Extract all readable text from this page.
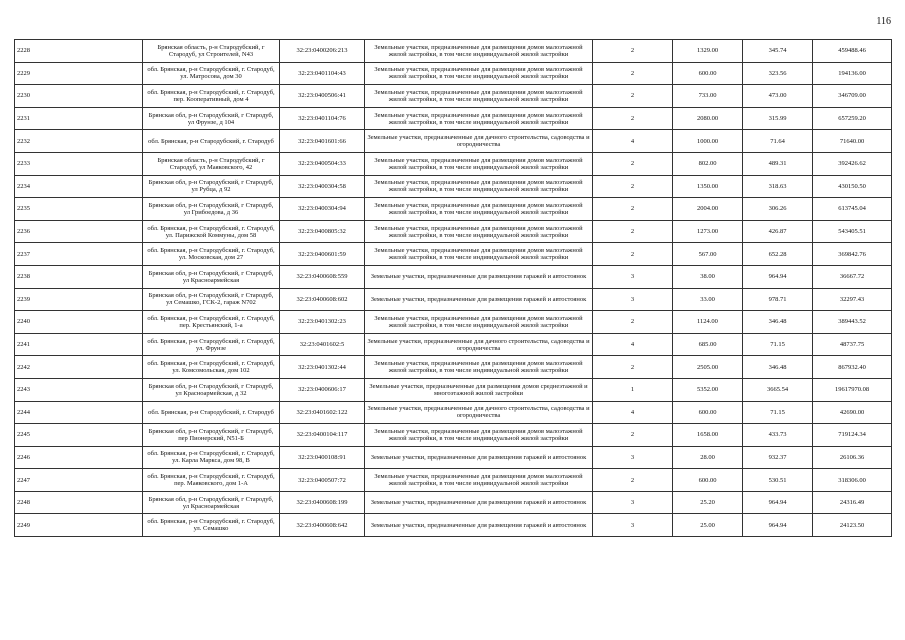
116
2228	Брянская область, р-н Стародубский, г Стародуб, ул Строителей, N43	32:23:0400206:213	Земельные участки, предназначенные для размещения домов малоэтажной жилой застройки, в том числе индивидуальной жилой застройки	2	1329.00	345.74	459488.46
2229	обл. Брянская, р-н Стародубский, г. Стародуб, ул. Матросова, дом 30	32:23:0401104:43	Земельные участки, предназначенные для размещения домов малоэтажной жилой застройки, в том числе индивидуальной жилой застройки	2	600.00	323.56	194136.00
2230	обл. Брянская, р-н Стародубский, г. Стародуб, пер. Кооперативный, дом 4	32:23:0400506:41	Земельные участки, предназначенные для размещения домов малоэтажной жилой застройки, в том числе индивидуальной жилой застройки	2	733.00	473.00	346709.00
2231	Брянская обл, р-н Стародубский, г Стародуб, ул Фрунзе, д 104	32:23:0401104:76	Земельные участки, предназначенные для размещения домов малоэтажной жилой застройки, в том числе индивидуальной жилой застройки	2	2080.00	315.99	657259.20
2232	обл. Брянская, р-н Стародубский, г. Стародуб	32:23:0401601:66	Земельные участки, предназначенные для дачного строительства, садоводства и огородничества	4	1000.00	71.64	71640.00
2233	Брянская область, р-н Стародубский, г Стародуб, ул Маяковского, 42	32:23:0400504:33	Земельные участки, предназначенные для размещения домов малоэтажной жилой застройки, в том числе индивидуальной жилой застройки	2	802.00	489.31	392426.62
2234	Брянская обл, р-н Стародубский, г Стародуб, ул Рубца, д 92	32:23:0400304:58	Земельные участки, предназначенные для размещения домов малоэтажной жилой застройки, в том числе индивидуальной жилой застройки	2	1350.00	318.63	430150.50
2235	Брянская обл, р-н Стародубский, г Стародуб, ул Грибоедова, д 36	32:23:0400304:94	Земельные участки, предназначенные для размещения домов малоэтажной жилой застройки, в том числе индивидуальной жилой застройки	2	2004.00	306.26	613745.04
2236	обл. Брянская, р-н Стародубский, г. Стародуб, ул. Парижской Коммуны, дом 58	32:23:0400805:32	Земельные участки, предназначенные для размещения домов малоэтажной жилой застройки, в том числе индивидуальной жилой застройки	2	1273.00	426.87	543405.51
2237	обл. Брянская, р-н Стародубский, г. Стародуб, ул. Московская, дом 27	32:23:0400601:59	Земельные участки, предназначенные для размещения домов малоэтажной жилой застройки, в том числе индивидуальной жилой застройки	2	567.00	652.28	369842.76
2238	Брянская обл, р-н Стародубский, г Стародуб, ул Красноармейская	32:23:0400608:559	Земельные участки, предназначенные для размещения гаражей и автостоянок	3	38.00	964.94	36667.72
2239	Брянская обл, р-н Стародубский, г Стародуб, ул Семашко, ГСК-2, гараж N702	32:23:0400608:602	Земельные участки, предназначенные для размещения гаражей и автостоянок	3	33.00	978.71	32297.43
2240	обл. Брянская, р-н Стародубский, г. Стародуб, пер. Крестьянский, 1-а	32:23:0401302:23	Земельные участки, предназначенные для размещения домов малоэтажной жилой застройки, в том числе индивидуальной жилой застройки	2	1124.00	346.48	389443.52
2241	обл. Брянская, р-н Стародубский, г. Стародуб, ул. Фрунзе	32:23:0401602:5	Земельные участки, предназначенные для дачного строительства, садоводства и огородничества	4	685.00	71.15	48737.75
2242	обл. Брянская, р-н Стародубский, г. Стародуб, ул. Комсомольская, дом 102	32:23:0401302:44	Земельные участки, предназначенные для размещения домов малоэтажной жилой застройки, в том числе индивидуальной жилой застройки	2	2505.00	346.48	867932.40
2243	Брянская обл, р-н Стародубский, г Стародуб, ул Красноармейская, д 32	32:23:0400606:17	Земельные участки, предназначенные для размещения домов среднеэтажной и многоэтажной жилой застройки	1	5352.00	3665.54	19617970.08
2244	обл. Брянская, р-н Стародубский, г. Стародуб	32:23:0401602:122	Земельные участки, предназначенные для дачного строительства, садоводства и огородничества	4	600.00	71.15	42690.00
2245	Брянская обл, р-н Стародубский, г Стародуб, пер Пионерский, N51-Б	32:23:0400104:117	Земельные участки, предназначенные для размещения домов малоэтажной жилой застройки, в том числе индивидуальной жилой застройки	2	1658.00	433.73	719124.34
2246	обл. Брянская, р-н Стародубский, г. Стародуб, ул. Карла Маркса, дом 98, В	32:23:0400108:91	Земельные участки, предназначенные для размещения гаражей и автостоянок	3	28.00	932.37	26106.36
2247	обл. Брянская, р-н Стародубский, г. Стародуб, пер. Маяковского, дом 1-А	32:23:0400507:72	Земельные участки, предназначенные для размещения домов малоэтажной жилой застройки, в том числе индивидуальной жилой застройки	2	600.00	530.51	318306.00
2248	Брянская обл, р-н Стародубский, г Стародуб, ул Красноармейская	32:23:0400608:199	Земельные участки, предназначенные для размещения гаражей и автостоянок	3	25.20	964.94	24316.49
2249	обл. Брянская, р-н Стародубский, г. Стародуб, ул. Семашко	32:23:0400608:642	Земельные участки, предназначенные для размещения гаражей и автостоянок	3	25.00	964.94	24123.50
